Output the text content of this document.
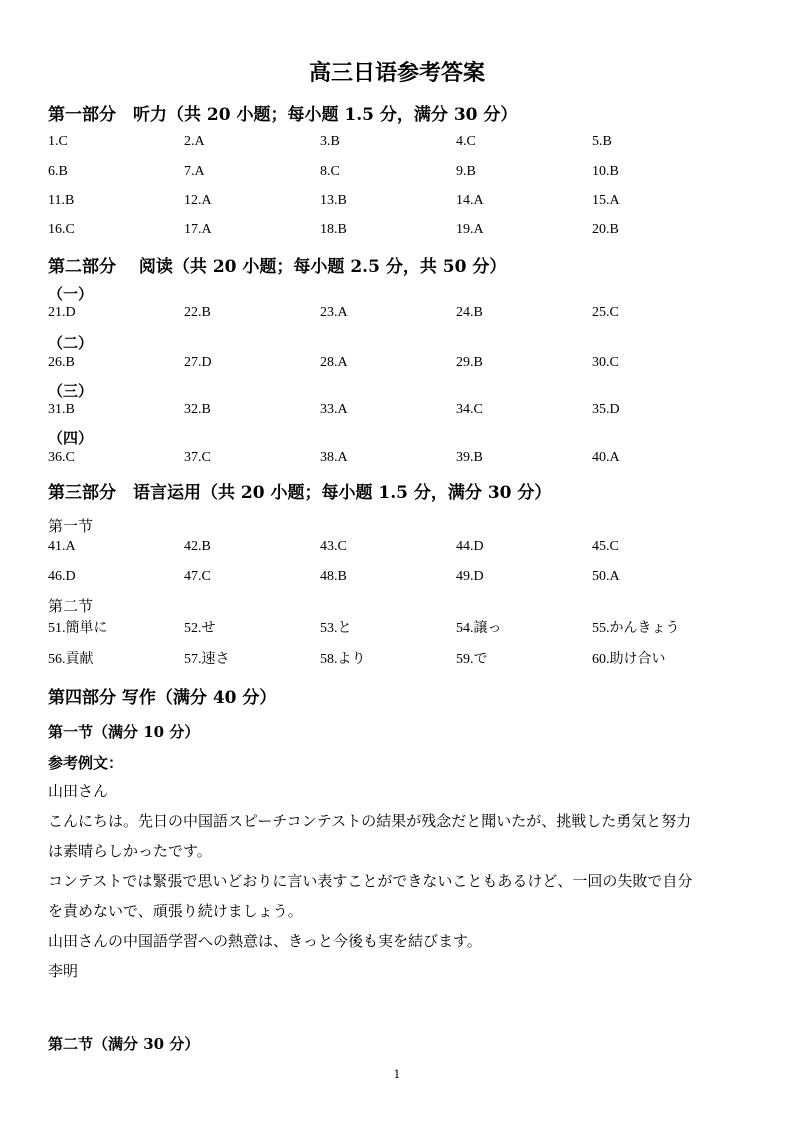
高三日语参考答案
第一部分　听力（共 20 小题；每小题 1.5 分，满分 30 分）
1.C	2.A	3.B	4.C	5.B
6.B	7.A	8.C	9.B	10.B
11.B	12.A	13.B	14.A	15.A
16.C	17.A	18.B	19.A	20.B
第二部分　 阅读（共 20 小题；每小题 2.5 分，共 50 分）
（一）
21.D	22.B	23.A	24.B	25.C
（二）
26.B	27.D	28.A	29.B	30.C
（三）
31.B	32.B	33.A	34.C	35.D
（四）
36.C	37.C	38.A	39.B	40.A
第三部分　语言运用（共 20 小题；每小题 1.5 分，满分 30 分）
第一节
41.A	42.B	43.C	44.D	45.C
46.D	47.C	48.B	49.D	50.A
第二节
51.簡単に	52.せ	53.と	54.譲っ	55.かんきょう
56.貢献	57.速さ	58.より	59.で	60.助け合い
第四部分 写作（满分 40 分）
第一节（满分 10 分）
参考例文：
山田さん
こんにちは。先日の中国語スピーチコンテストの結果が残念だと聞いたが、挑戦した勇気と努力
は素晴らしかったです。
コンテストでは緊張で思いどおりに言い表すことができないこともあるけど、一回の失敗で自分
を責めないで、頑張り続けましょう。
山田さんの中国語学習への熱意は、きっと今後も実を結びます。
李明
第二节（满分 30 分）
1
